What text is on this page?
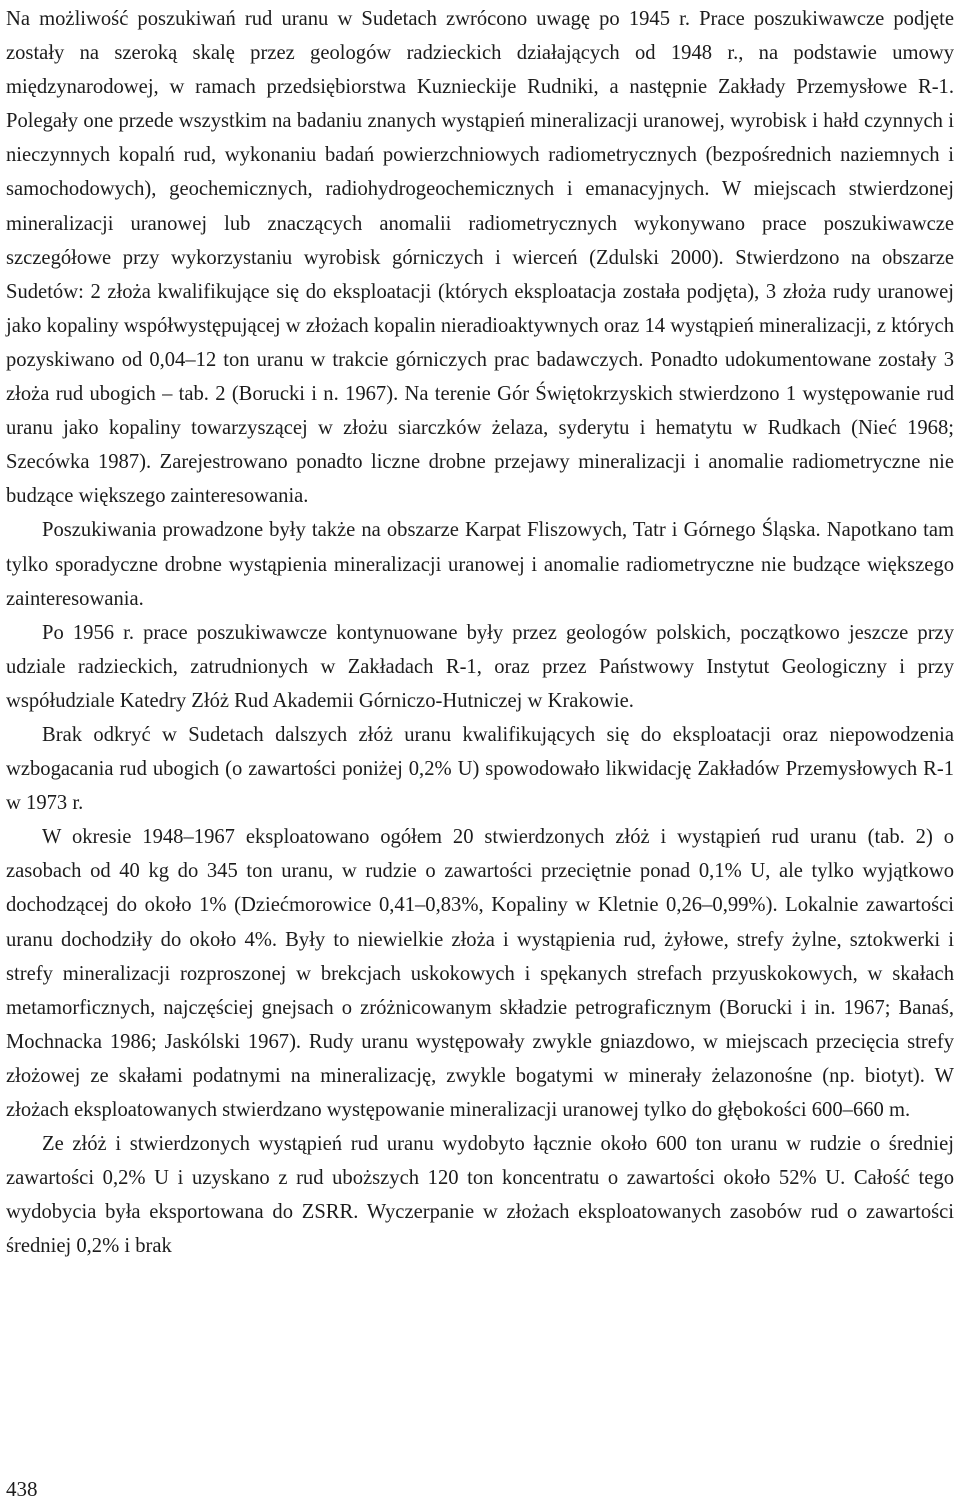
Na możliwość poszukiwań rud uranu w Sudetach zwrócono uwagę po 1945 r. Prace poszukiwawcze podjęte zostały na szeroką skalę przez geologów radzieckich działających od 1948 r., na podstawie umowy międzynarodowej, w ramach przedsiębiorstwa Kuznieckije Rudniki, a następnie Zakłady Przemysłowe R-1. Polegały one przede wszystkim na badaniu znanych wystąpień mineralizacji uranowej, wyrobisk i hałd czynnych i nieczynnych kopalń rud, wykonaniu badań powierzchniowych radiometrycznych (bezpośrednich naziemnych i samochodowych), geochemicznych, radiohydrogeochemicznych i emanacyjnych. W miejscach stwierdzonej mineralizacji uranowej lub znaczących anomalii radiometrycznych wykonywano prace poszukiwawcze szczegółowe przy wykorzystaniu wyrobisk górniczych i wierceń (Zdulski 2000). Stwierdzono na obszarze Sudetów: 2 złoża kwalifikujące się do eksploatacji (których eksploatacja została podjęta), 3 złoża rudy uranowej jako kopaliny współwystępującej w złożach kopalin nieradioaktywnych oraz 14 wystąpień mineralizacji, z których pozyskiwano od 0,04–12 ton uranu w trakcie górniczych prac badawczych. Ponadto udokumentowane zostały 3 złoża rud ubogich – tab. 2 (Borucki i n. 1967). Na terenie Gór Świętokrzyskich stwierdzono 1 występowanie rud uranu jako kopaliny towarzyszącej w złożu siarczków żelaza, syderytu i hematytu w Rudkach (Nieć 1968; Szecówka 1987). Zarejestrowano ponadto liczne drobne przejawy mineralizacji i anomalie radiometryczne nie budzące większego zainteresowania.

Poszukiwania prowadzone były także na obszarze Karpat Fliszowych, Tatr i Górnego Śląska. Napotkano tam tylko sporadyczne drobne wystąpienia mineralizacji uranowej i anomalie radiometryczne nie budzące większego zainteresowania.

Po 1956 r. prace poszukiwawcze kontynuowane były przez geologów polskich, początkowo jeszcze przy udziale radzieckich, zatrudnionych w Zakładach R-1, oraz przez Państwowy Instytut Geologiczny i przy współudziale Katedry Złóż Rud Akademii Górniczo‑Hutniczej w Krakowie.

Brak odkryć w Sudetach dalszych złóż uranu kwalifikujących się do eksploatacji oraz niepowodzenia wzbogacania rud ubogich (o zawartości poniżej 0,2% U) spowodowało likwidację Zakładów Przemysłowych R-1 w 1973 r.

W okresie 1948–1967 eksploatowano ogółem 20 stwierdzonych złóż i wystąpień rud uranu (tab. 2) o zasobach od 40 kg do 345 ton uranu, w rudzie o zawartości przeciętnie ponad 0,1% U, ale tylko wyjątkowo dochodzącej do około 1% (Dziećmorowice 0,41–0,83%, Kopaliny w Kletnie 0,26–0,99%). Lokalnie zawartości uranu dochodziły do około 4%. Były to niewielkie złoża i wystąpienia rud, żyłowe, strefy żylne, sztokwerki i strefy mineralizacji rozproszonej w brekcjach uskokowych i spękanych strefach przyuskokowych, w skałach metamorficznych, najczęściej gnejsach o zróżnicowanym składzie petrograficznym (Borucki i in. 1967; Banaś, Mochnacka 1986; Jaskólski 1967). Rudy uranu występowały zwykle gniazdowo, w miejscach przecięcia strefy złożowej ze skałami podatnymi na mineralizację, zwykle bogatymi w minerały żelazonośne (np. biotyt). W złożach eksploatowanych stwierdzano występowanie mineralizacji uranowej tylko do głębokości 600–660 m.

Ze złóż i stwierdzonych wystąpień rud uranu wydobyto łącznie około 600 ton uranu w rudzie o średniej zawartości 0,2% U i uzyskano z rud uboższych 120 ton koncentratu o zawartości około 52% U. Całość tego wydobycia była eksportowana do ZSRR. Wyczerpanie w złożach eksploatowanych zasobów rud o zawartości średniej 0,2% i brak

438
